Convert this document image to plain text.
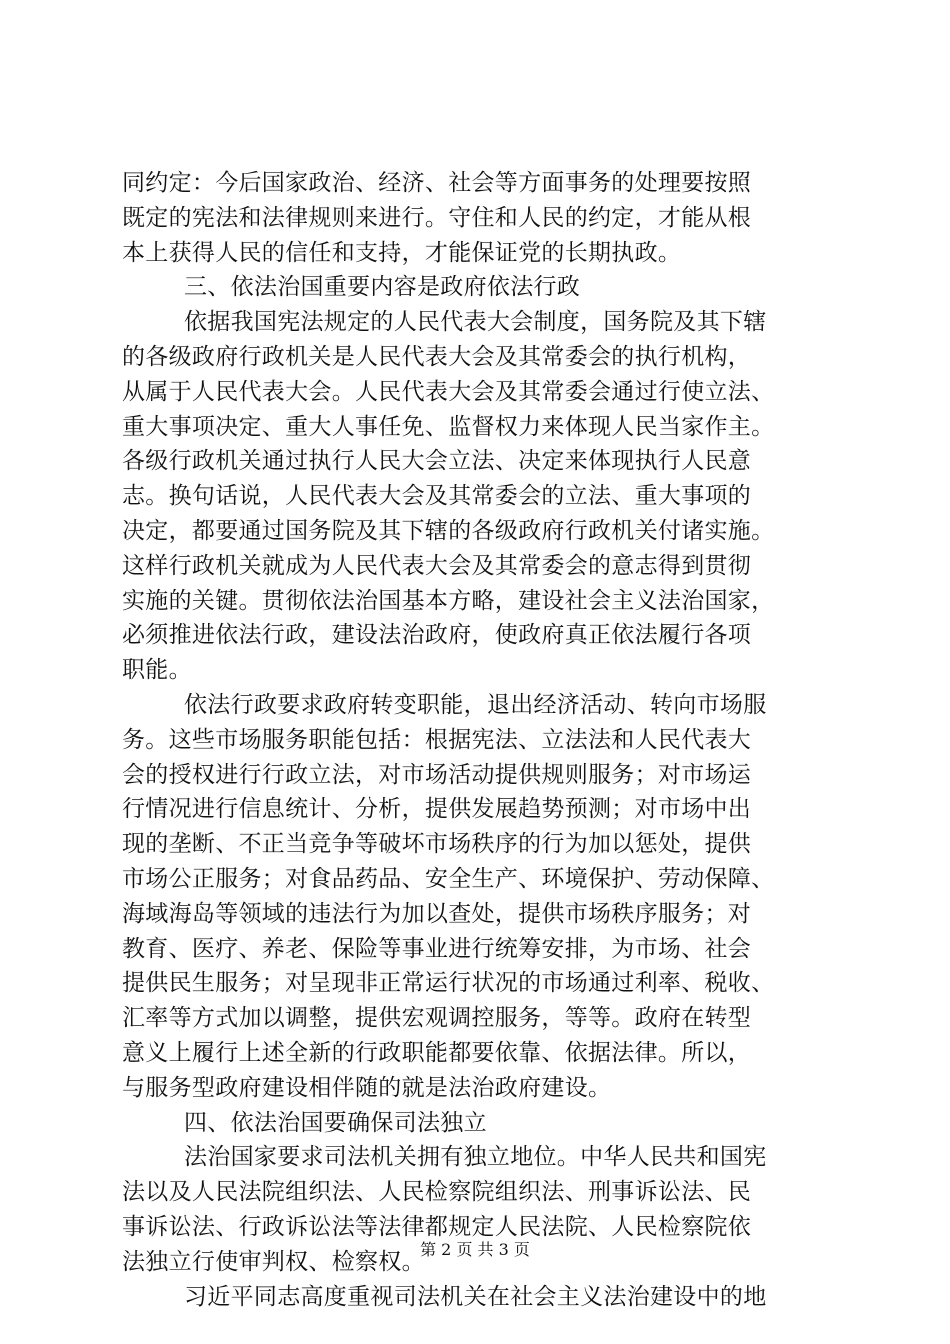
同约定：今后国家政治、经济、社会等方面事务的处理要按照
既定的宪法和法律规则来进行。守住和人民的约定，才能从根
本上获得人民的信任和支持，才能保证党的长期执政。
三、依法治国重要内容是政府依法行政
依据我国宪法规定的人民代表大会制度，国务院及其下辖
的各级政府行政机关是人民代表大会及其常委会的执行机构，
从属于人民代表大会。人民代表大会及其常委会通过行使立法、
重大事项决定、重大人事任免、监督权力来体现人民当家作主。
各级行政机关通过执行人民大会立法、决定来体现执行人民意
志。换句话说，人民代表大会及其常委会的立法、重大事项的
决定，都要通过国务院及其下辖的各级政府行政机关付诸实施。
这样行政机关就成为人民代表大会及其常委会的意志得到贯彻
实施的关键。贯彻依法治国基本方略，建设社会主义法治国家，
必须推进依法行政，建设法治政府，使政府真正依法履行各项
职能。
依法行政要求政府转变职能，退出经济活动、转向市场服
务。这些市场服务职能包括：根据宪法、立法法和人民代表大
会的授权进行行政立法，对市场活动提供规则服务；对市场运
行情况进行信息统计、分析，提供发展趋势预测；对市场中出
现的垄断、不正当竞争等破坏市场秩序的行为加以惩处，提供
市场公正服务；对食品药品、安全生产、环境保护、劳动保障、
海域海岛等领域的违法行为加以查处，提供市场秩序服务；对
教育、医疗、养老、保险等事业进行统筹安排，为市场、社会
提供民生服务；对呈现非正常运行状况的市场通过利率、税收、
汇率等方式加以调整，提供宏观调控服务，等等。政府在转型
意义上履行上述全新的行政职能都要依靠、依据法律。所以，
与服务型政府建设相伴随的就是法治政府建设。
四、依法治国要确保司法独立
法治国家要求司法机关拥有独立地位。中华人民共和国宪
法以及人民法院组织法、人民检察院组织法、刑事诉讼法、民
事诉讼法、行政诉讼法等法律都规定人民法院、人民检察院依
法独立行使审判权、检察权。
习近平同志高度重视司法机关在社会主义法治建设中的地
第 2 页 共 3 页
